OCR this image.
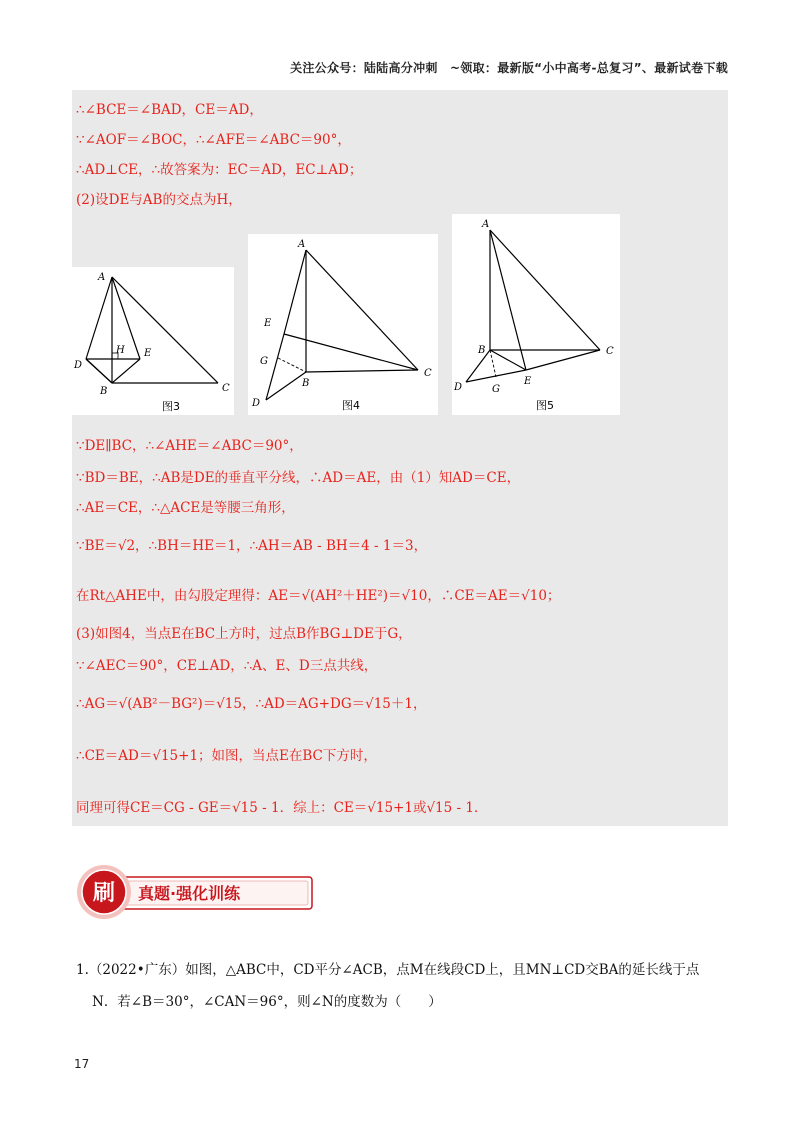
关注公众号：陆陆高分冲刺　~领取：最新版“小中高考-总复习”、最新试卷下载
∴∠BCE＝∠BAD，CE＝AD，
∵∠AOF＝∠BOC，∴∠AFE＝∠ABC＝90°，
∴AD⊥CE，∴故答案为：EC＝AD，EC⊥AD；
(2)设DE与AB的交点为H，
A
H E
D
B	C
图3
A
E
G
B
C
D	图4
A
B	C
D	G
E
图5
∵DE∥BC，∴∠AHE＝∠ABC＝90°，
∵BD＝BE，∴AB是DE的垂直平分线，∴AD＝AE，由（1）知AD＝CE，
∴AE＝CE，∴△ACE是等腰三角形，
∵BE＝√2，∴BH＝HE＝1，∴AH＝AB - BH＝4 - 1＝3，
在Rt△AHE中，由勾股定理得：AE＝√(AH²＋HE²)＝√10，∴CE＝AE＝√10；
(3)如图4，当点E在BC上方时，过点B作BG⊥DE于G，
∵∠AEC＝90°，CE⊥AD，∴A、E、D三点共线，
∴AG＝√(AB²－BG²)＝√15，∴AD＝AG+DG＝√15＋1，
∴CE＝AD＝√15+1；如图，当点E在BC下方时，
同理可得CE＝CG - GE＝√15 - 1．综上：CE＝√15+1或√15 - 1．
刷 真题·强化训练
1.（2022•广东）如图，△ABC中，CD平分∠ACB，点M在线段CD上，且MN⊥CD交BA的延长线于点
N．若∠B＝30°，∠CAN＝96°，则∠N的度数为（　　）
17
